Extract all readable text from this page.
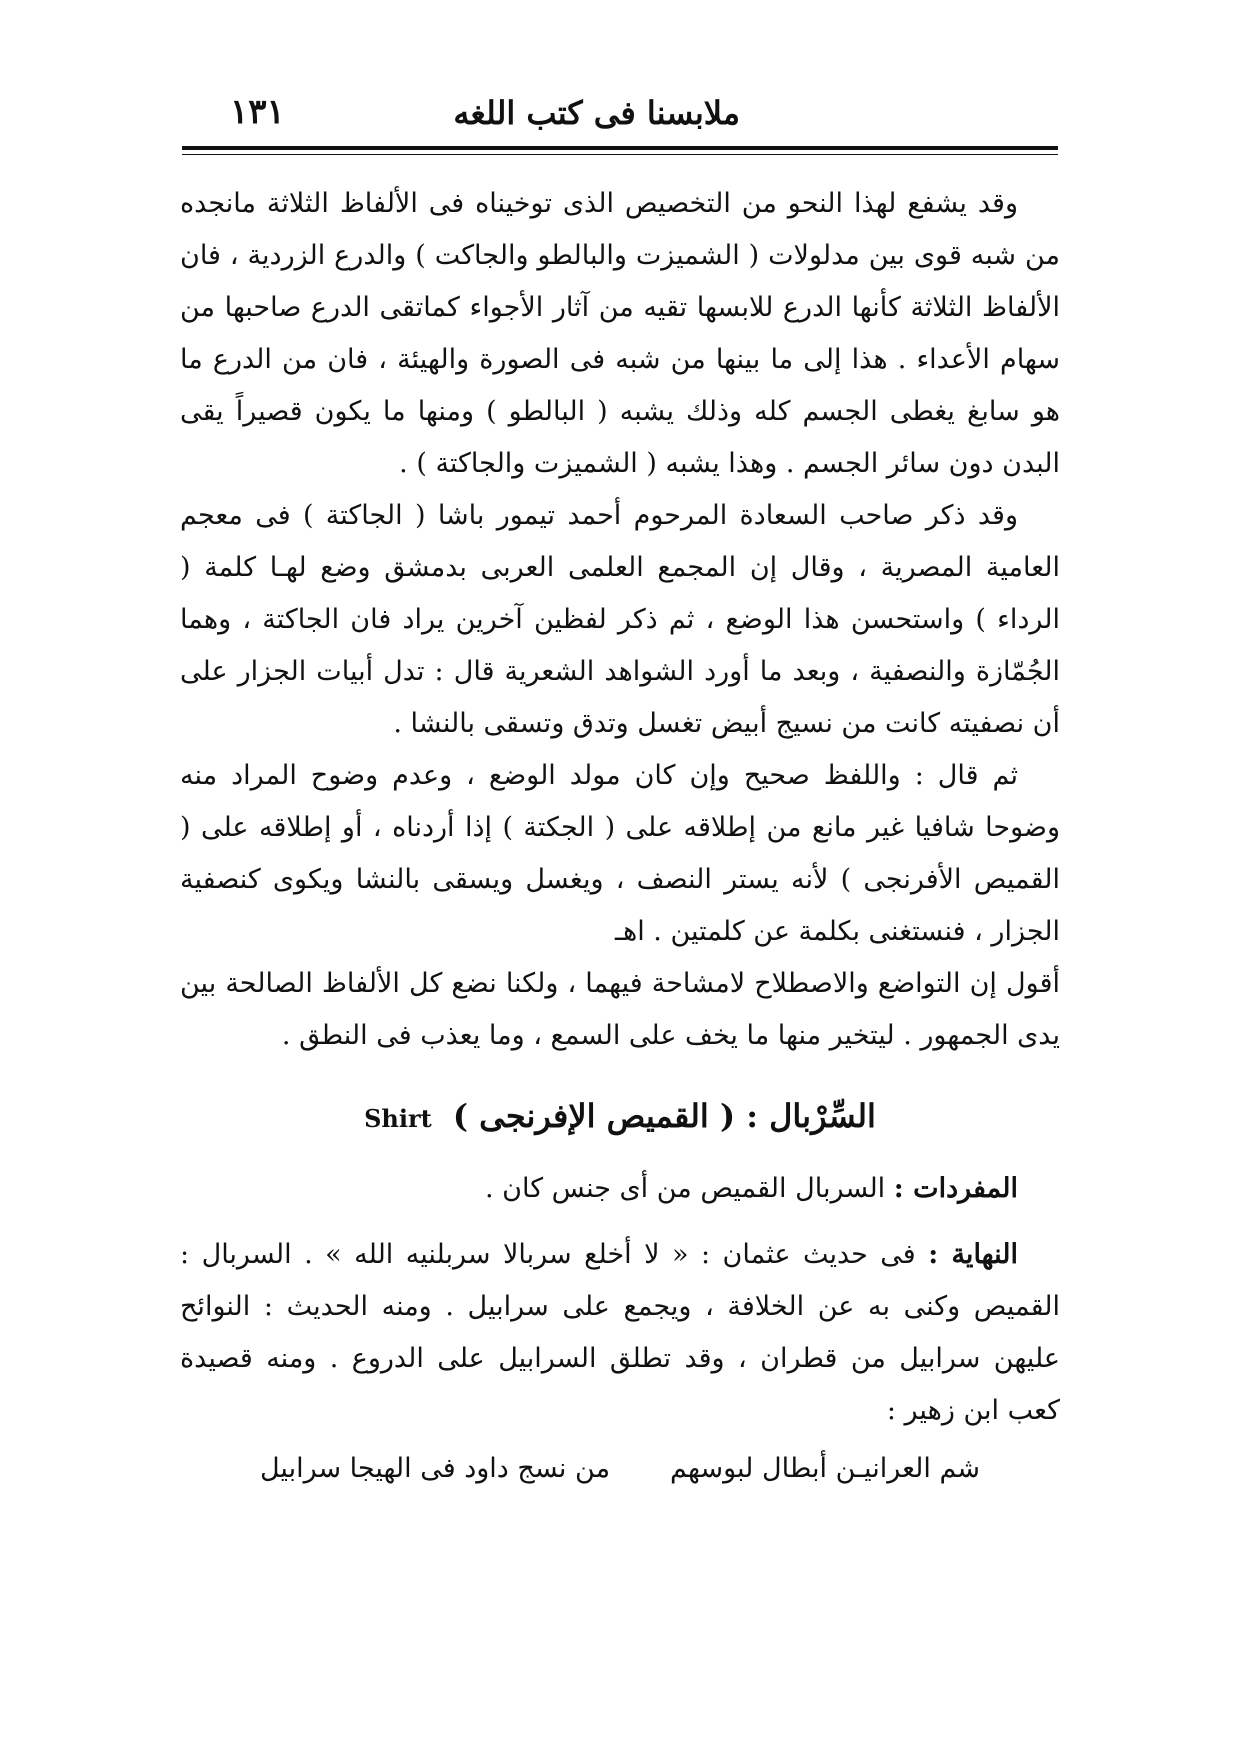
ملابسنا فى كتب اللغه
١٣١

وقد يشفع لهذا النحو من التخصيص الذى توخيناه فى الألفاظ الثلاثة مانجده من شبه قوى بين مدلولات ( الشميزت والبالطو والجاكت ) والدرع الزردية ، فان الألفاظ الثلاثة كأنها الدرع للابسها تقيه من آثار الأجواء كماتقى الدرع صاحبها من سهام الأعداء . هذا إلى ما بينها من شبه فى الصورة والهيئة ، فان من الدرع ما هو سابغ يغطى الجسم كله وذلك يشبه ( البالطو ) ومنها ما يكون قصيراً يقى البدن دون سائر الجسم . وهذا يشبه ( الشميزت والجاكتة ) .

وقد ذكر صاحب السعادة المرحوم أحمد تيمور باشا ( الجاكتة ) فى معجم العامية المصرية ، وقال إن المجمع العلمى العربى بدمشق وضع لهـا كلمة ( الرداء ) واستحسن هذا الوضع ، ثم ذكر لفظين آخرين يراد فان الجاكتة ، وهما الجُمّازة والنصفية ، وبعد ما أورد الشواهد الشعرية قال : تدل أبيات الجزار على أن نصفيته كانت من نسيج أبيض تغسل وتدق وتسقى بالنشا .

ثم قال : واللفظ صحيح وإن كان مولد الوضع ، وعدم وضوح المراد منه وضوحا شافيا غير مانع من إطلاقه على ( الجكتة ) إذا أردناه ، أو إطلاقه على ( القميص الأفرنجى ) لأنه يستر النصف ، ويغسل ويسقى بالنشا ويكوى كنصفية الجزار ، فنستغنى بكلمة عن كلمتين . اهـ

أقول إن التواضع والاصطلاح لامشاحة فيهما ، ولكنا نضع كل الألفاظ الصالحة بين يدى الجمهور . ليتخير منها ما يخف على السمع ، وما يعذب فى النطق .

السِّرْبال : ( القميص الإفرنجى ) Shirt

المفردات : السربال القميص من أى جنس كان .

النهاية : فى حديث عثمان : « لا أخلع سربالا سربلنيه الله » . السربال : القميص وكنى به عن الخلافة ، ويجمع على سرابيل . ومنه الحديث : النوائح عليهن سرابيل من قطران ، وقد تطلق السرابيل على الدروع . ومنه قصيدة كعب ابن زهير :

شم العرانيـن أبطال لبوسهم
من نسج داود فى الهيجا سرابيل
